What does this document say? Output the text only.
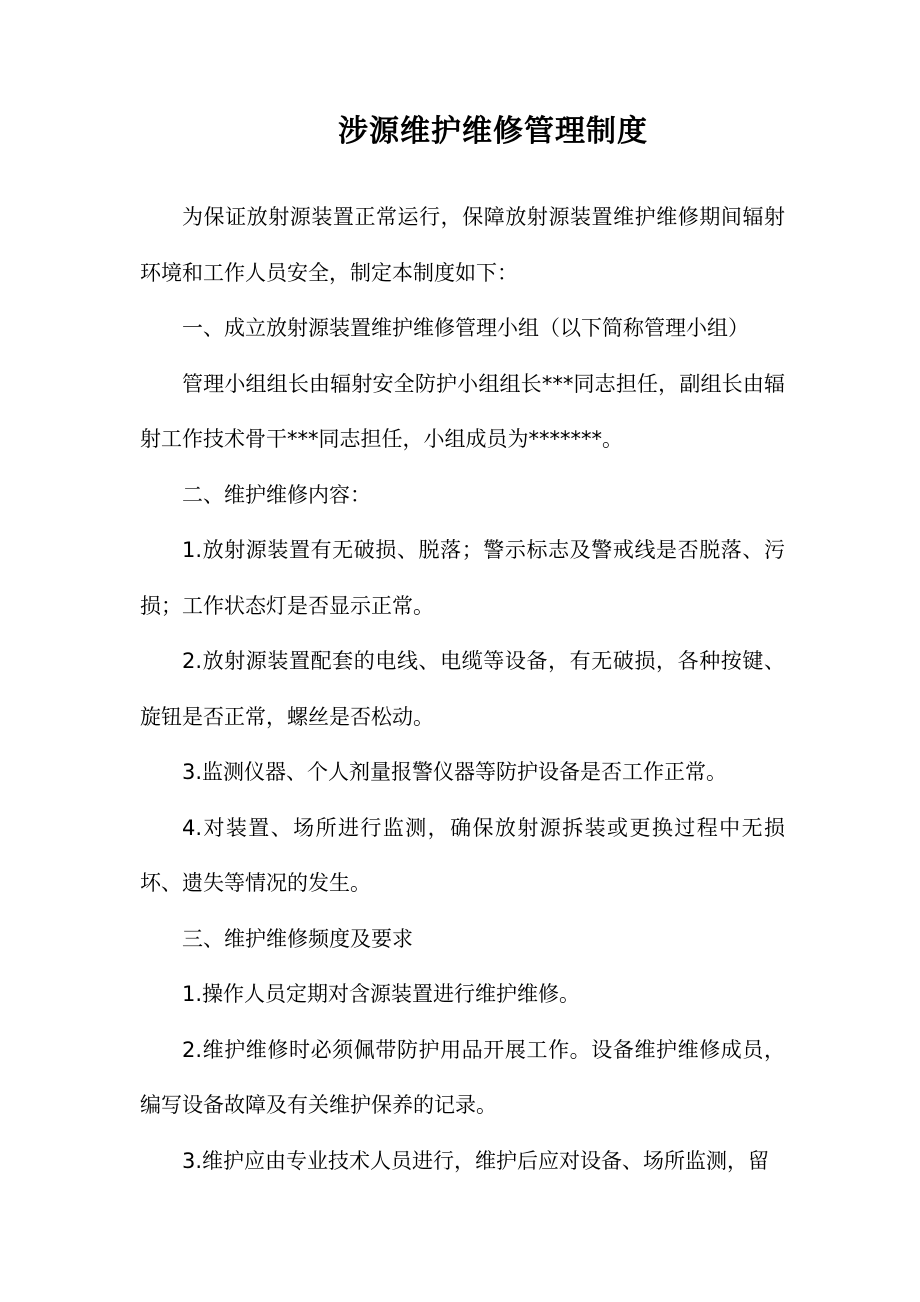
涉源维护维修管理制度

为保证放射源装置正常运行，保障放射源装置维护维修期间辐射环境和工作人员安全，制定本制度如下：

一、成立放射源装置维护维修管理小组（以下简称管理小组）

管理小组组长由辐射安全防护小组组长***同志担任，副组长由辐射工作技术骨干***同志担任，小组成员为*******。

二、维护维修内容：

1.放射源装置有无破损、脱落；警示标志及警戒线是否脱落、污损；工作状态灯是否显示正常。

2.放射源装置配套的电线、电缆等设备，有无破损，各种按键、旋钮是否正常，螺丝是否松动。

3.监测仪器、个人剂量报警仪器等防护设备是否工作正常。

4.对装置、场所进行监测，确保放射源拆装或更换过程中无损坏、遗失等情况的发生。

三、维护维修频度及要求

1.操作人员定期对含源装置进行维护维修。

2.维护维修时必须佩带防护用品开展工作。设备维护维修成员，编写设备故障及有关维护保养的记录。

3.维护应由专业技术人员进行，维护后应对设备、场所监测，留
